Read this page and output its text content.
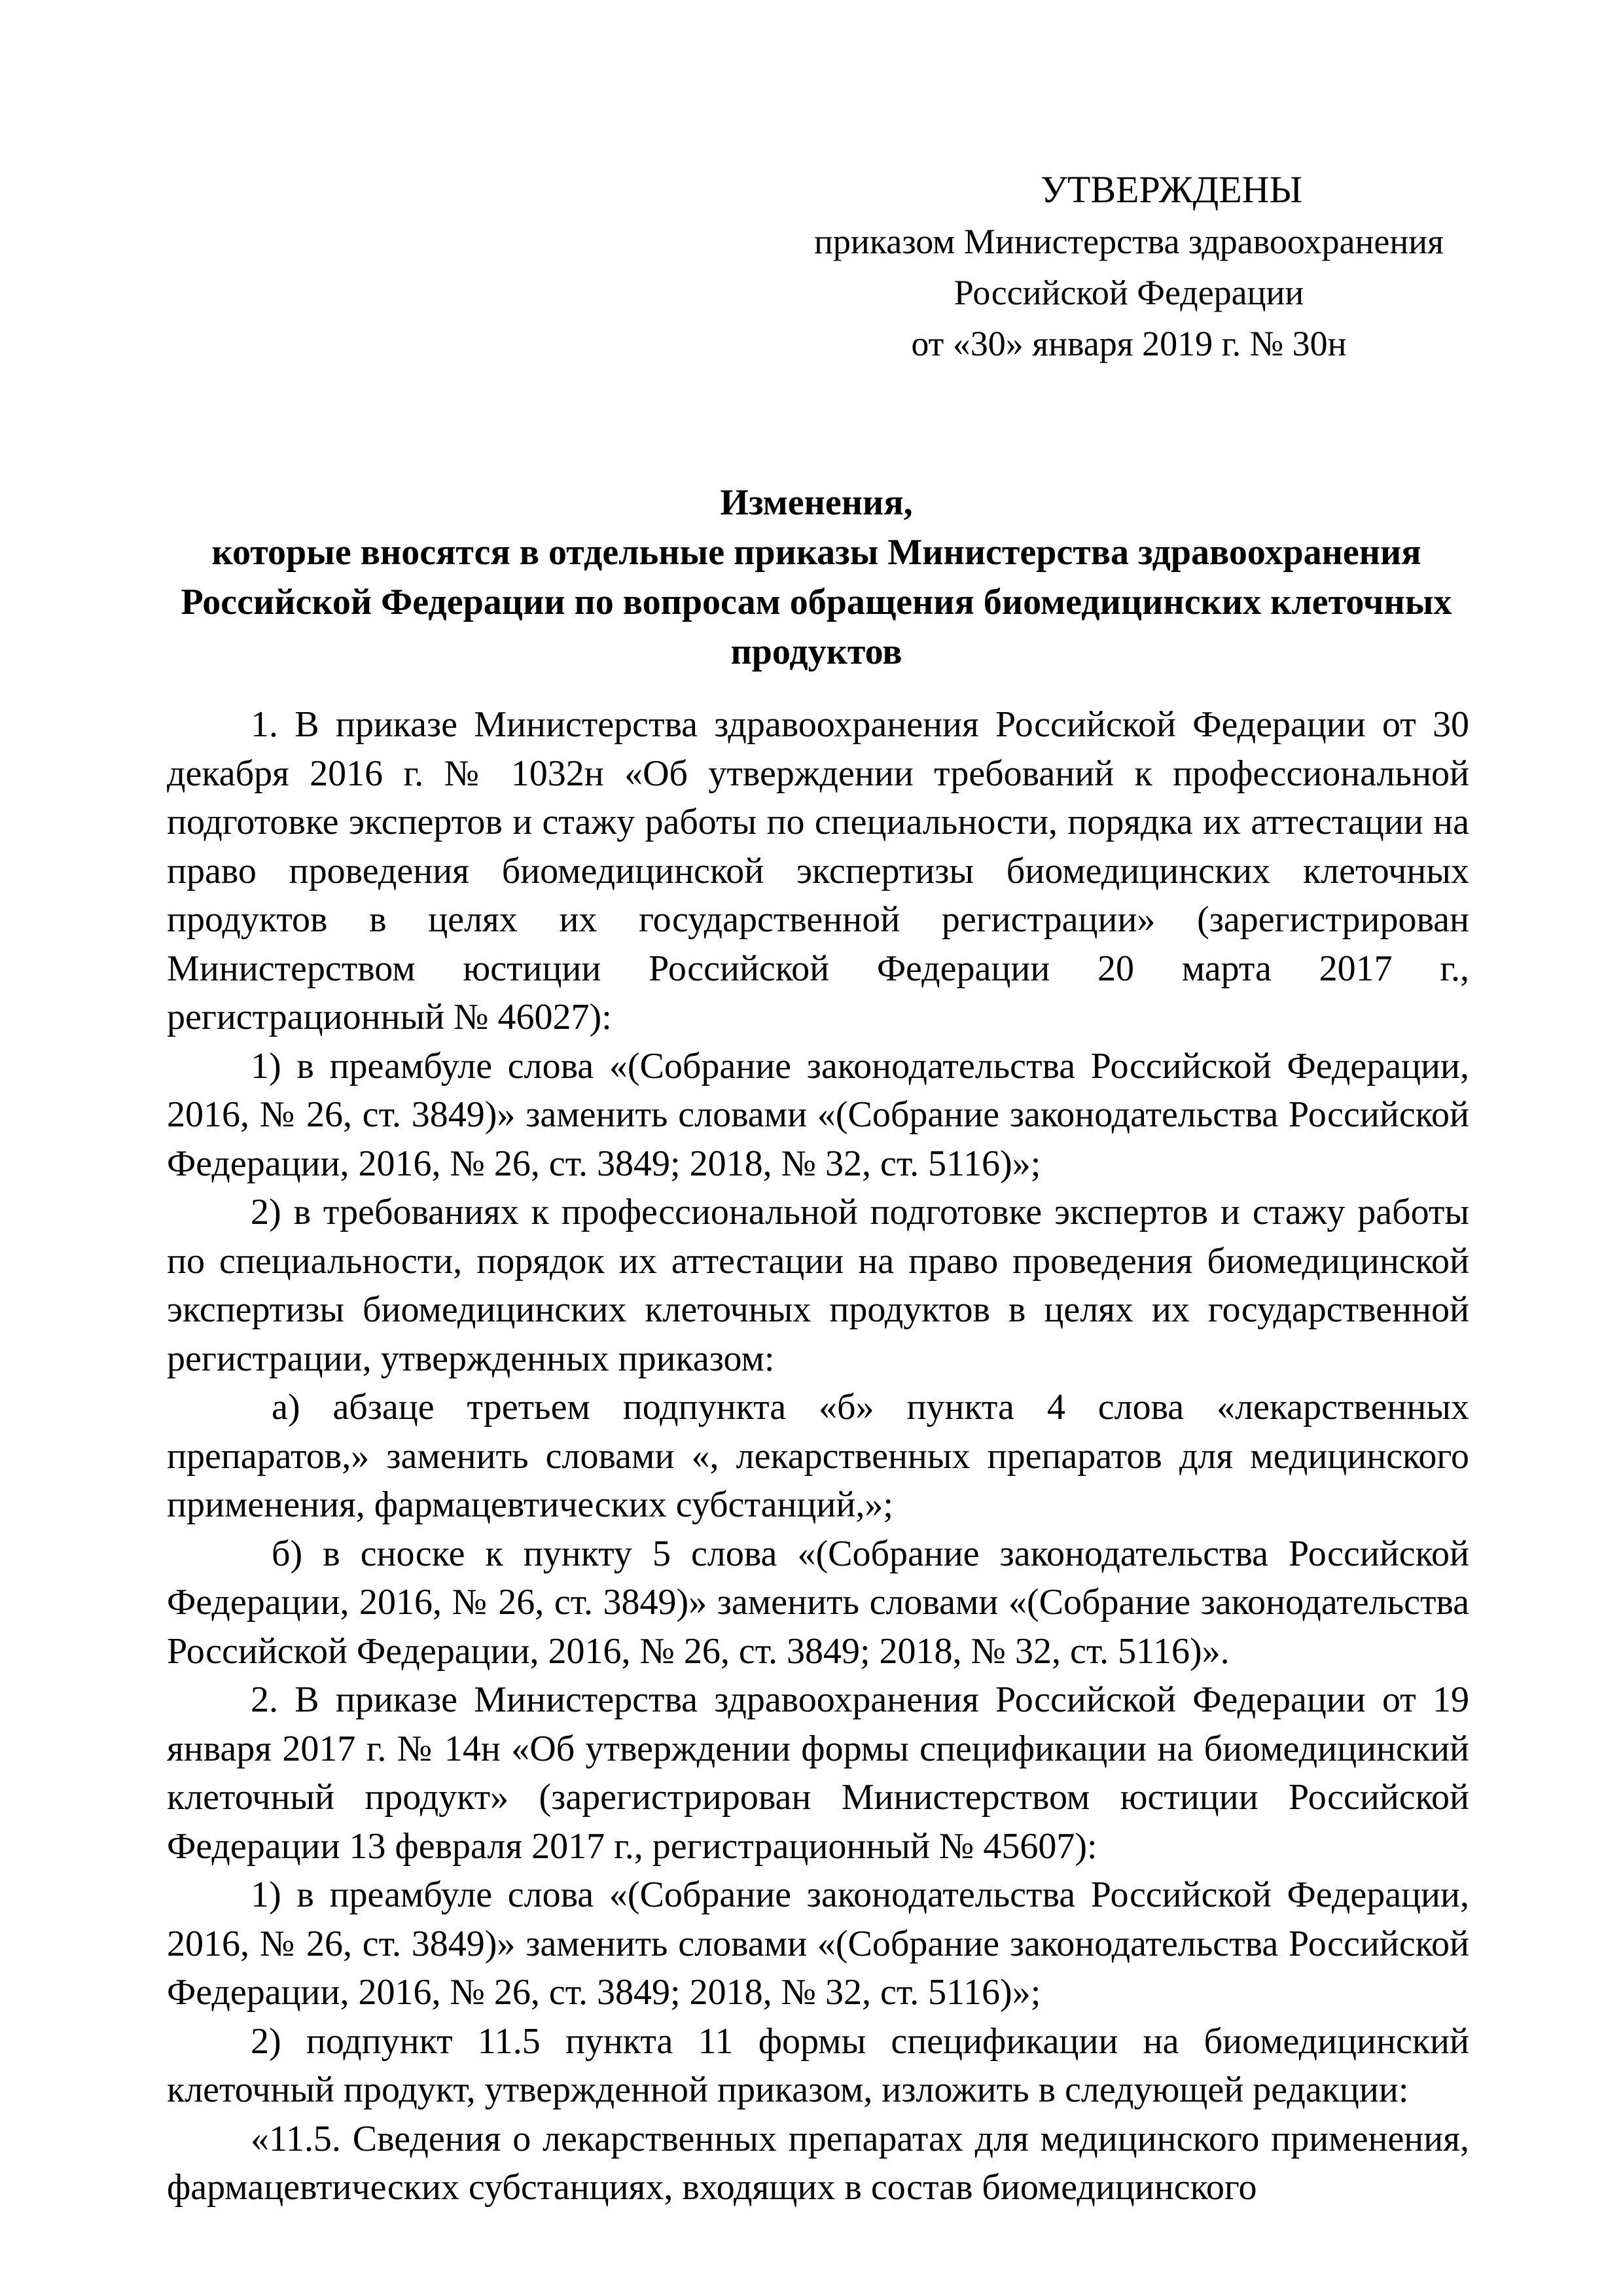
УТВЕРЖДЕНЫ
приказом Министерства здравоохранения
Российской Федерации
от «30» января 2019 г. № 30н
Изменения,
которые вносятся в отдельные приказы Министерства здравоохранения
Российской Федерации по вопросам обращения биомедицинских клеточных
продуктов

1. В приказе Министерства здравоохранения Российской Федерации от 30 декабря 2016 г. № 1032н «Об утверждении требований к профессиональной подготовке экспертов и стажу работы по специальности, порядка их аттестации на право проведения биомедицинской экспертизы биомедицинских клеточных продуктов в целях их государственной регистрации» (зарегистрирован Министерством юстиции Российской Федерации 20 марта 2017 г., регистрационный № 46027):

1) в преамбуле слова «(Собрание законодательства Российской Федерации, 2016, № 26, ст. 3849)» заменить словами «(Собрание законодательства Российской Федерации, 2016, № 26, ст. 3849; 2018, № 32, ст. 5116)»;

2) в требованиях к профессиональной подготовке экспертов и стажу работы по специальности, порядок их аттестации на право проведения биомедицинской экспертизы биомедицинских клеточных продуктов в целях их государственной регистрации, утвержденных приказом:

а) абзаце третьем подпункта «б» пункта 4 слова «лекарственных препаратов,» заменить словами «, лекарственных препаратов для медицинского применения, фармацевтических субстанций,»;

б) в сноске к пункту 5 слова «(Собрание законодательства Российской Федерации, 2016, № 26, ст. 3849)» заменить словами «(Собрание законодательства Российской Федерации, 2016, № 26, ст. 3849; 2018, № 32, ст. 5116)».

2. В приказе Министерства здравоохранения Российской Федерации от 19 января 2017 г. № 14н «Об утверждении формы спецификации на биомедицинский клеточный продукт» (зарегистрирован Министерством юстиции Российской Федерации 13 февраля 2017 г., регистрационный № 45607):

1) в преамбуле слова «(Собрание законодательства Российской Федерации, 2016, № 26, ст. 3849)» заменить словами «(Собрание законодательства Российской Федерации, 2016, № 26, ст. 3849; 2018, № 32, ст. 5116)»;

2) подпункт 11.5 пункта 11 формы спецификации на биомедицинский клеточный продукт, утвержденной приказом, изложить в следующей редакции:

«11.5. Сведения о лекарственных препаратах для медицинского применения, фармацевтических субстанциях, входящих в состав биомедицинского
